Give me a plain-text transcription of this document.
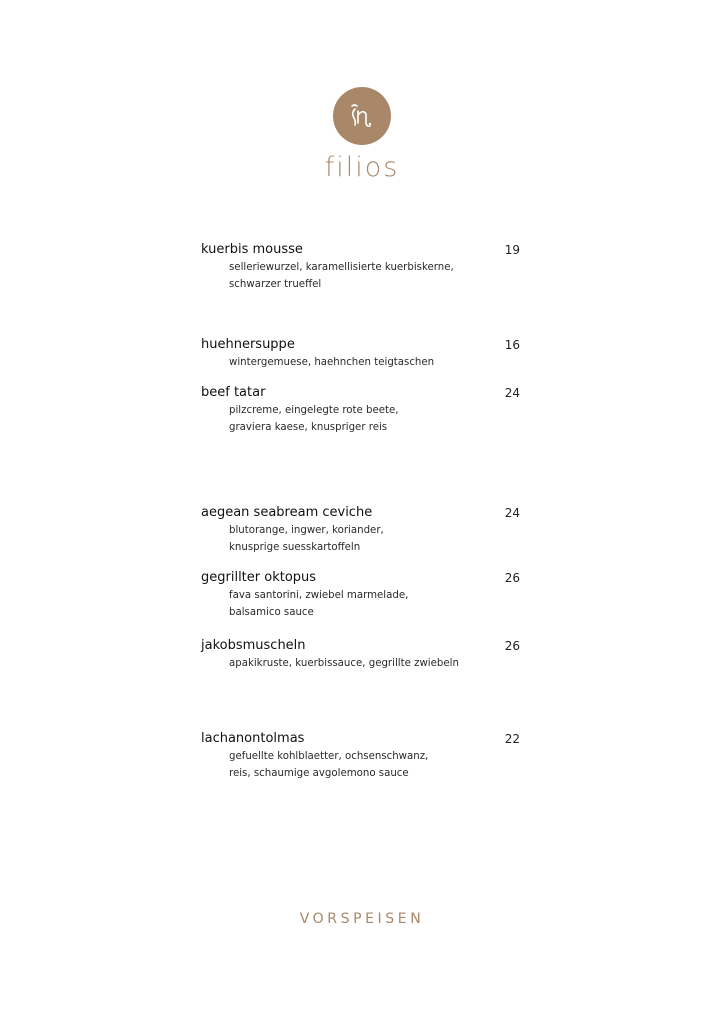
filios
kuerbis mousse	19
selleriewurzel, karamellisierte kuerbiskerne,
schwarzer trueffel
huehnersuppe	16
wintergemuese, haehnchen teigtaschen
beef tatar	24
pilzcreme, eingelegte rote beete,
graviera kaese, knuspriger reis
aegean seabream ceviche	24
blutorange, ingwer, koriander,
knusprige suesskartoffeln
gegrillter oktopus	26
fava santorini, zwiebel marmelade,
balsamico sauce
jakobsmuscheln	26
apakikruste, kuerbissauce, gegrillte zwiebeln
lachanontolmas	22
gefuellte kohlblaetter, ochsenschwanz,
reis, schaumige avgolemono sauce
VORSPEISEN
